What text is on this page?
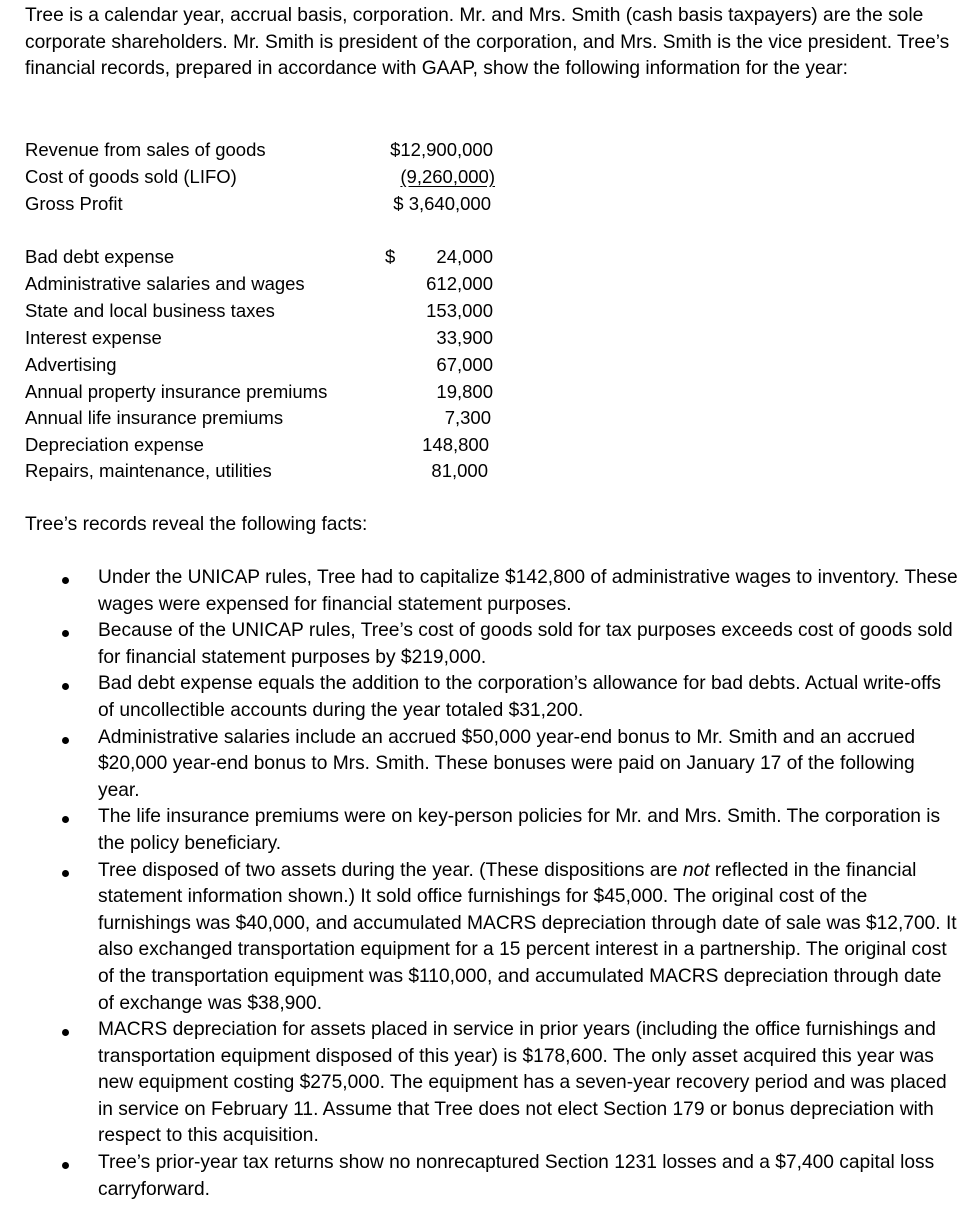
Tree is a calendar year, accrual basis, corporation. Mr. and Mrs. Smith (cash basis taxpayers) are the sole corporate shareholders. Mr. Smith is president of the corporation, and Mrs. Smith is the vice president. Tree’s financial records, prepared in accordance with GAAP, show the following information for the year:

Revenue from sales of goods	$12,900,000
Cost of goods sold (LIFO)	(9,260,000)
Gross Profit	$ 3,640,000
Bad debt expense	$ 24,000
Administrative salaries and wages	612,000
State and local business taxes	153,000
Interest expense	33,900
Advertising	67,000
Annual property insurance premiums	19,800
Annual life insurance premiums	7,300
Depreciation expense	148,800
Repairs, maintenance, utilities	81,000

Tree’s records reveal the following facts:

Under the UNICAP rules, Tree had to capitalize $142,800 of administrative wages to inventory. These wages were expensed for financial statement purposes.
Because of the UNICAP rules, Tree’s cost of goods sold for tax purposes exceeds cost of goods sold for financial statement purposes by $219,000.
Bad debt expense equals the addition to the corporation’s allowance for bad debts. Actual write-offs of uncollectible accounts during the year totaled $31,200.
Administrative salaries include an accrued $50,000 year-end bonus to Mr. Smith and an accrued $20,000 year-end bonus to Mrs. Smith. These bonuses were paid on January 17 of the following year.
The life insurance premiums were on key-person policies for Mr. and Mrs. Smith. The corporation is the policy beneficiary.
Tree disposed of two assets during the year. (These dispositions are not reflected in the financial statement information shown.) It sold office furnishings for $45,000. The original cost of the furnishings was $40,000, and accumulated MACRS depreciation through date of sale was $12,700. It also exchanged transportation equipment for a 15 percent interest in a partnership. The original cost of the transportation equipment was $110,000, and accumulated MACRS depreciation through date of exchange was $38,900.
MACRS depreciation for assets placed in service in prior years (including the office furnishings and transportation equipment disposed of this year) is $178,600. The only asset acquired this year was new equipment costing $275,000. The equipment has a seven-year recovery period and was placed in service on February 11. Assume that Tree does not elect Section 179 or bonus depreciation with respect to this acquisition.
Tree’s prior-year tax returns show no nonrecaptured Section 1231 losses and a $7,400 capital loss carryforward.
